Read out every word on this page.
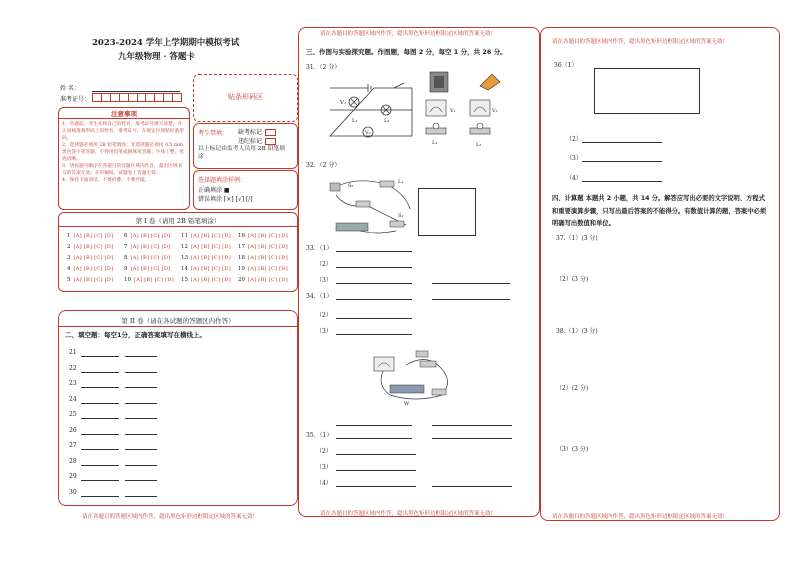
2023-2024 学年上学期期中模拟考试
九年级物理 · 答题卡
姓 名：
准考证号：	贴条形码区
注意事项
1．答题前，考生先将自己的姓名、准考证号填写清楚，并认真核准条形码上的姓名、准考证号，在规定位置贴好条形码。
2．选择题必须用 2B 铅笔填涂；非选择题必须用 0.5 mm 黑色签字笔答题，不得用铅笔或圆珠笔答题；字体工整、笔迹清晰。
3．请按题号顺序在各题目的答题区域内作答，超出区域书写的答案无效；在草稿纸、试题卷上答题无效。
4．保持卡面清洁，不要折叠、不要弄破。
考生禁填： 缺考标记
违纪标记
以上标记由监考人员用 2B 铅笔填涂
选择题填涂样例：
正确填涂 ■
错误填涂 [×] [√] [/]
第 I 卷（请用 2B 铅笔填涂）
1 [A] [B] [C] [D]
2 [A] [B] [C] [D]
3 [A] [B] [C] [D]
4 [A] [B] [C] [D]
5 [A] [B] [C] [D]
6 [A] [B] [C] [D]
7 [A] [B] [C] [D]
8 [A] [B] [C] [D]
9 [A] [B] [C] [D]
10 [A] [B] [C] [D]
11 [A] [B] [C] [D]
12 [A] [B] [C] [D]
13 [A] [B] [C] [D]
14 [A] [B] [C] [D]
15 [A] [B] [C] [D]
16 [A] [B] [C] [D]
17 [A] [B] [C] [D]
18 [A] [B] [C] [D]
19 [A] [B] [C] [D]
20 [A] [B] [C] [D]
第 II 卷（请在各试题的答题区内作答）
二、填空题：每空1分，正确答案填写在横线上。
21
22
23
24
25
26
27
28
29
30
请在各题目的答题区域内作答，超出黑色矩形边框限定区域的答案无效！
请在各题目的答题区域内作答，超出黑色矩形边框限定区域的答案无效！
三、作图与实验探究题。作图题，每图 2 分，每空 1 分，共 26 分。
31．（2 分）
V₁
V₂
L₁	L₂
V₁	V₂
L₁	L₂
32．（2 分）
S₂
L₁
S₁
33．（1）
（2）
（3）
34．（1）
（2）
（3）
W
35．（1）
（2）
（3）
（4）
请在各题目的答题区域内作答，超出黑色矩形边框限定区域的答案无效！
请在各题目的答题区域内作答，超出黑色矩形边框限定区域的答案无效！
36（1）
（2）
（3）
（4）
四、计算题 本题共 2 小题，共 14 分。解答应写出必要的文字说明、方程式和重要演算步骤，只写出最后答案的不能得分。有数值计算的题，答案中必须明确写出数值和单位。
37.（1）(3 分)
（2）(3 分)
38.（1）(3 分)
（2）(2 分)
（3）(3 分)
请在各题目的答题区域内作答，超出黑色矩形边框限定区域的答案无效！
